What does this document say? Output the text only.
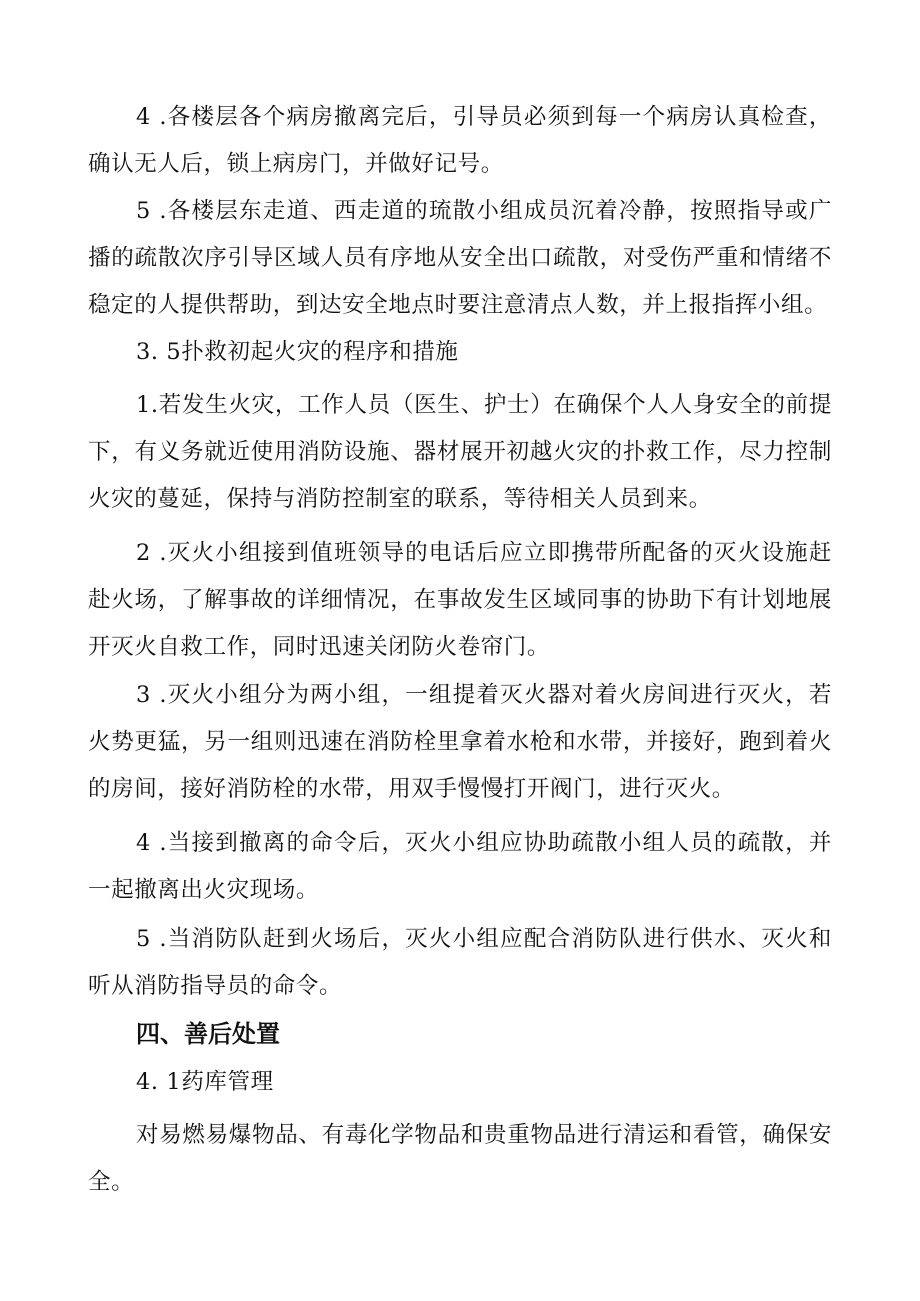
4 .各楼层各个病房撤离完后，引导员必须到每一个病房认真检查，确认无人后，锁上病房门，并做好记号。

5 .各楼层东走道、西走道的琉散小组成员沉着冷静，按照指导或广播的疏散次序引导区域人员有序地从安全出口疏散，对受伤严重和情绪不稳定的人提供帮助，到达安全地点时要注意清点人数，并上报指挥小组。

3. 5扑救初起火灾的程序和措施

1.若发生火灾，工作人员（医生、护士）在确保个人人身安全的前提下，有义务就近使用消防设施、器材展开初越火灾的扑救工作，尽力控制火灾的蔓延，保持与消防控制室的联系，等待相关人员到来。

2 .灭火小组接到值班领导的电话后应立即携带所配备的灭火设施赶赴火场，了解事故的详细情况，在事故发生区域同事的协助下有计划地展开灭火自救工作，同时迅速关闭防火卷帘门。

3 .灭火小组分为两小组，一组提着灭火器对着火房间进行灭火，若火势更猛，另一组则迅速在消防栓里拿着水枪和水带，并接好，跑到着火的房间，接好消防栓的水带，用双手慢慢打开阀门，进行灭火。

4 .当接到撤离的命令后，灭火小组应协助疏散小组人员的疏散，并一起撤离出火灾现场。

5 .当消防队赶到火场后，灭火小组应配合消防队进行供水、灭火和听从消防指导员的命令。

四、善后处置

4. 1药库管理

对易燃易爆物品、有毒化学物品和贵重物品进行清运和看管，确保安全。
